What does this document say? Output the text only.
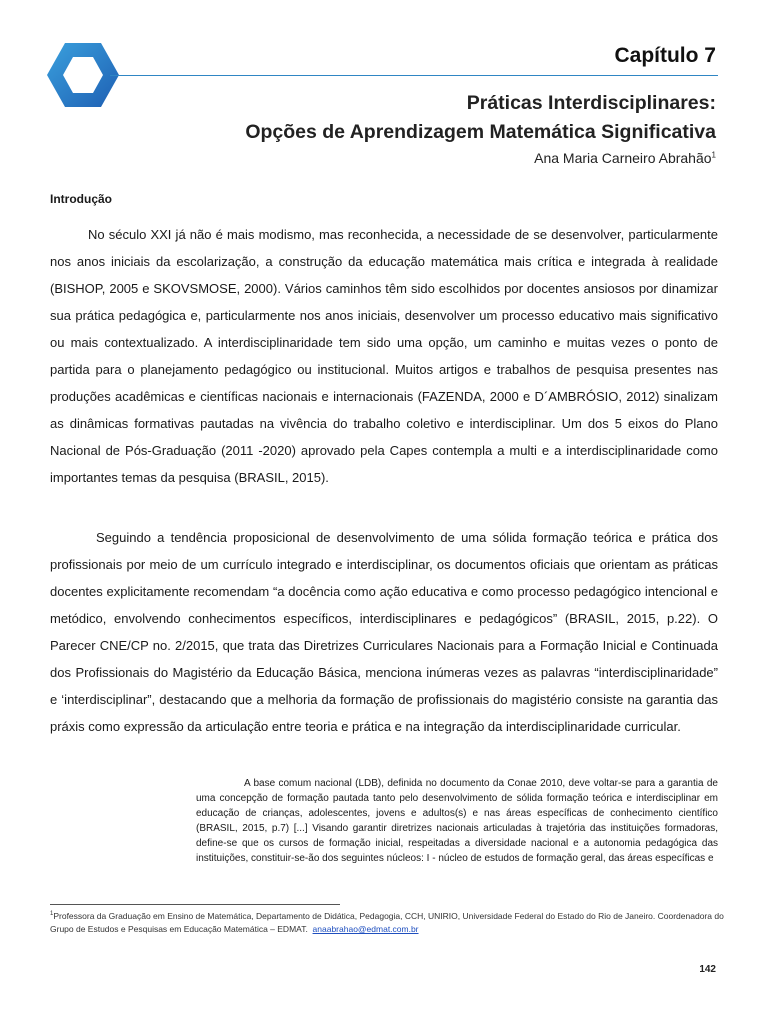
Capítulo 7
Práticas Interdisciplinares:
Opções de Aprendizagem Matemática Significativa
Ana Maria Carneiro Abrahão$^1$
Introdução

No século XXI já não é mais modismo, mas reconhecida, a necessidade de se desenvolver, particularmente nos anos iniciais da escolarização, a construção da educação matemática mais crítica e integrada à realidade (BISHOP, 2005 e SKOVSMOSE, 2000). Vários caminhos têm sido escolhidos por docentes ansiosos por dinamizar sua prática pedagógica e, particularmente nos anos iniciais, desenvolver um processo educativo mais significativo ou mais contextualizado. A interdisciplinaridade tem sido uma opção, um caminho e muitas vezes o ponto de partida para o planejamento pedagógico ou institucional. Muitos artigos e trabalhos de pesquisa presentes nas produções acadêmicas e científicas nacionais e internacionais (FAZENDA, 2000 e D´AMBRÓSIO, 2012) sinalizam as dinâmicas formativas pautadas na vivência do trabalho coletivo e interdisciplinar. Um dos 5 eixos do Plano Nacional de Pós-Graduação (2011 -2020) aprovado pela Capes contempla a multi e a interdisciplinaridade como importantes temas da pesquisa (BRASIL, 2015).

Seguindo a tendência proposicional de desenvolvimento de uma sólida formação teórica e prática dos profissionais por meio de um currículo integrado e interdisciplinar, os documentos oficiais que orientam as práticas docentes explicitamente recomendam “a docência como ação educativa e como processo pedagógico intencional e metódico, envolvendo conhecimentos específicos, interdisciplinares e pedagógicos” (BRASIL, 2015, p.22). O Parecer CNE/CP no. 2/2015, que trata das Diretrizes Curriculares Nacionais para a Formação Inicial e Continuada dos Profissionais do Magistério da Educação Básica, menciona inúmeras vezes as palavras “interdisciplinaridade” e ‘interdisciplinar”, destacando que a melhoria da formação de profissionais do magistério consiste na garantia das práxis como expressão da articulação entre teoria e prática e na integração da interdisciplinaridade curricular.

A base comum nacional (LDB), definida no documento da Conae 2010, deve voltar-se para a garantia de uma concepção de formação pautada tanto pelo desenvolvimento de sólida formação teórica e interdisciplinar em educação de crianças, adolescentes, jovens e adultos(s) e nas áreas específicas de conhecimento científico (BRASIL, 2015, p.7) [...] Visando garantir diretrizes nacionais articuladas à trajetória das instituições formadoras, define-se que os cursos de formação inicial, respeitadas a diversidade nacional e a autonomia pedagógica das instituições, constituir-se-ão dos seguintes núcleos: I - núcleo de estudos de formação geral, das áreas específicas e

$^1$Professora da Graduação em Ensino de Matemática, Departamento de Didática, Pedagogia, CCH, UNIRIO, Universidade Federal do Estado do Rio de Janeiro. Coordenadora do Grupo de Estudos e Pesquisas em Educação Matemática – EDMAT. anaabrahao@edmat.com.br

142
